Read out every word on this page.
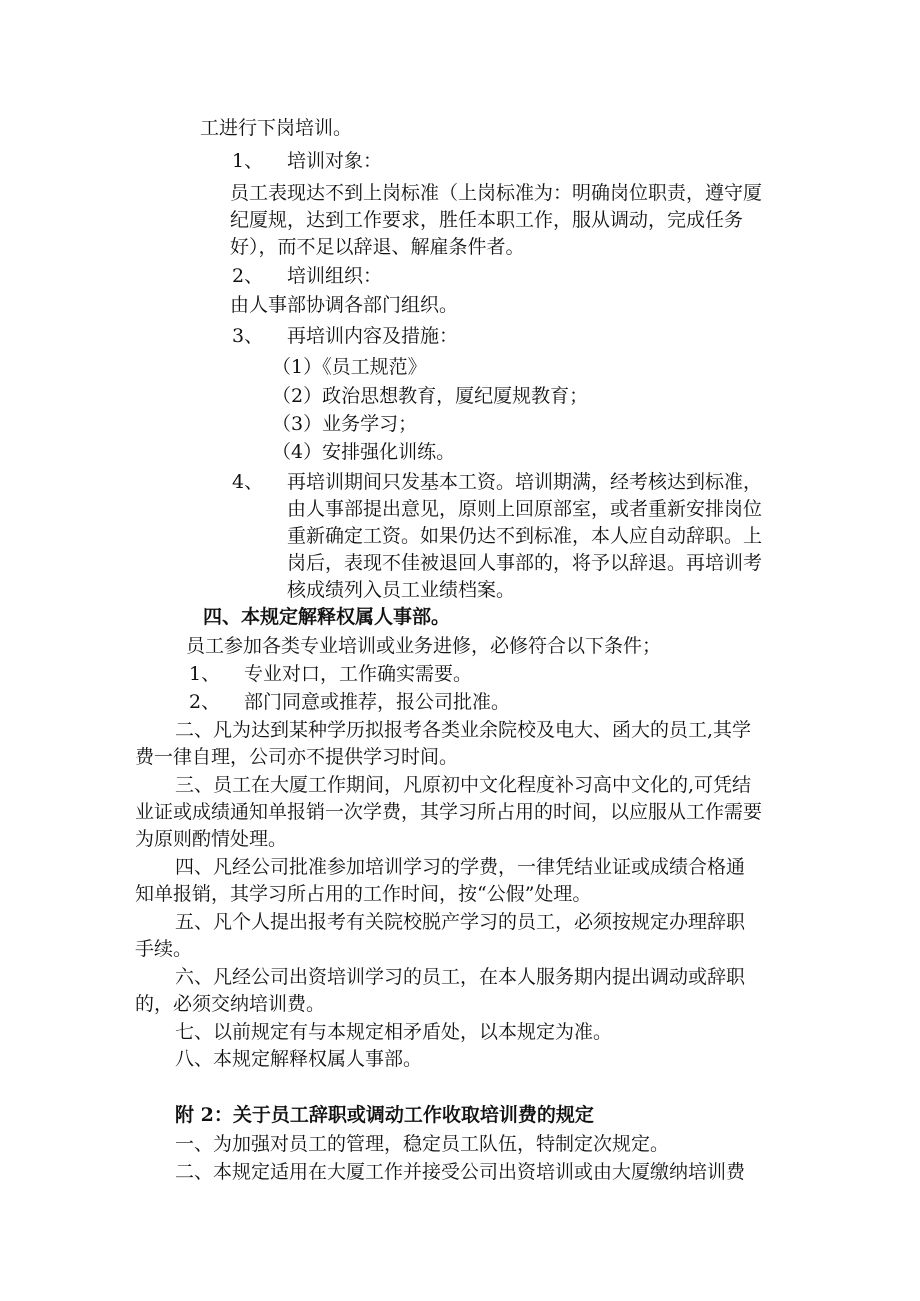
工进行下岗培训。
1、 培训对象：
员工表现达不到上岗标准（上岗标准为：明确岗位职责，遵守厦
纪厦规，达到工作要求，胜任本职工作，服从调动，完成任务
好），而不足以辞退、解雇条件者。
2、 培训组织：
由人事部协调各部门组织。
3、 再培训内容及措施：
（1）《员工规范》
（2）政治思想教育，厦纪厦规教育；
（3）业务学习；
（4）安排强化训练。
4、 再培训期间只发基本工资。培训期满，经考核达到标准，
由人事部提出意见，原则上回原部室，或者重新安排岗位
重新确定工资。如果仍达不到标准，本人应自动辞职。上
岗后，表现不佳被退回人事部的，将予以辞退。再培训考
核成绩列入员工业绩档案。
四、本规定解释权属人事部。
员工参加各类专业培训或业务进修，必修符合以下条件；
1、 专业对口，工作确实需要。
2、 部门同意或推荐，报公司批准。
二、凡为达到某种学历拟报考各类业余院校及电大、函大的员工,其学
费一律自理，公司亦不提供学习时间。
三、员工在大厦工作期间，凡原初中文化程度补习高中文化的,可凭结
业证或成绩通知单报销一次学费，其学习所占用的时间，以应服从工作需要
为原则酌情处理。
四、凡经公司批准参加培训学习的学费，一律凭结业证或成绩合格通
知单报销，其学习所占用的工作时间，按“公假”处理。
五、凡个人提出报考有关院校脱产学习的员工，必须按规定办理辞职
手续。
六、凡经公司出资培训学习的员工，在本人服务期内提出调动或辞职
的，必须交纳培训费。
七、以前规定有与本规定相矛盾处，以本规定为准。
八、本规定解释权属人事部。
附 2：关于员工辞职或调动工作收取培训费的规定
一、为加强对员工的管理，稳定员工队伍，特制定次规定。
二、本规定适用在大厦工作并接受公司出资培训或由大厦缴纳培训费
